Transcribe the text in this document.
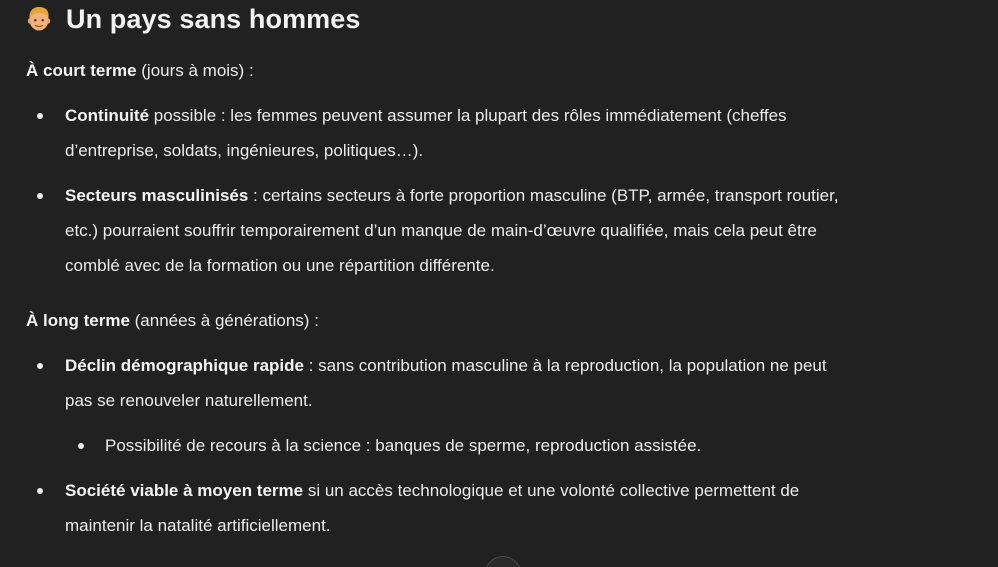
Un pays sans hommes
À court terme (jours à mois) :
Continuité possible : les femmes peuvent assumer la plupart des rôles immédiatement (cheffes
d’entreprise, soldats, ingénieures, politiques…).
Secteurs masculinisés : certains secteurs à forte proportion masculine (BTP, armée, transport routier,
etc.) pourraient souffrir temporairement d’un manque de main-d’œuvre qualifiée, mais cela peut être
comblé avec de la formation ou une répartition différente.
À long terme (années à générations) :
Déclin démographique rapide : sans contribution masculine à la reproduction, la population ne peut
pas se renouveler naturellement.
Possibilité de recours à la science : banques de sperme, reproduction assistée.
Société viable à moyen terme si un accès technologique et une volonté collective permettent de
maintenir la natalité artificiellement.
